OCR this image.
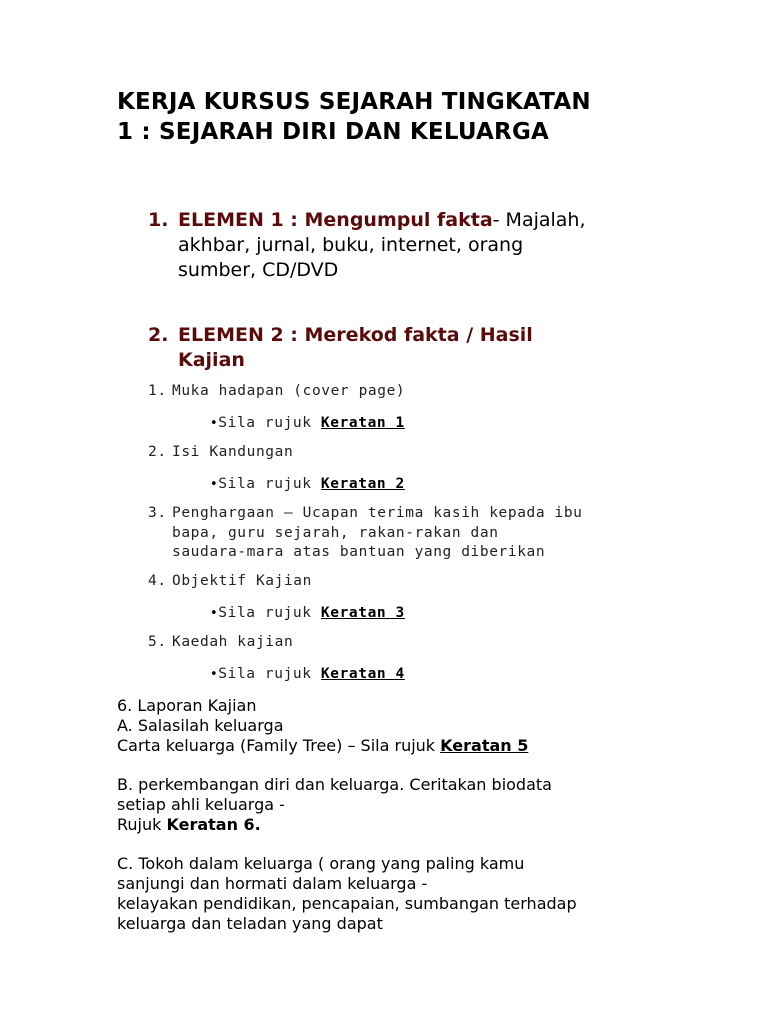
KERJA KURSUS SEJARAH TINGKATAN
1 : SEJARAH DIRI DAN KELUARGA
1. ELEMEN 1 : Mengumpul fakta- Majalah,
akhbar, jurnal, buku, internet, orang
sumber, CD/DVD
2. ELEMEN 2 : Merekod fakta / Hasil
Kajian
1. Muka hadapan (cover page)
•Sila rujuk Keratan 1
2. Isi Kandungan
•Sila rujuk Keratan 2
3. Penghargaan – Ucapan terima kasih kepada ibu
bapa, guru sejarah, rakan-rakan dan
saudara-mara atas bantuan yang diberikan
4. Objektif Kajian
•Sila rujuk Keratan 3
5. Kaedah kajian
•Sila rujuk Keratan 4
6. Laporan Kajian
A. Salasilah keluarga
Carta keluarga (Family Tree) – Sila rujuk Keratan 5
B. perkembangan diri dan keluarga. Ceritakan biodata
setiap ahli keluarga -
Rujuk Keratan 6.
C. Tokoh dalam keluarga ( orang yang paling kamu
sanjungi dan hormati dalam keluarga -
kelayakan pendidikan, pencapaian, sumbangan terhadap
keluarga dan teladan yang dapat
